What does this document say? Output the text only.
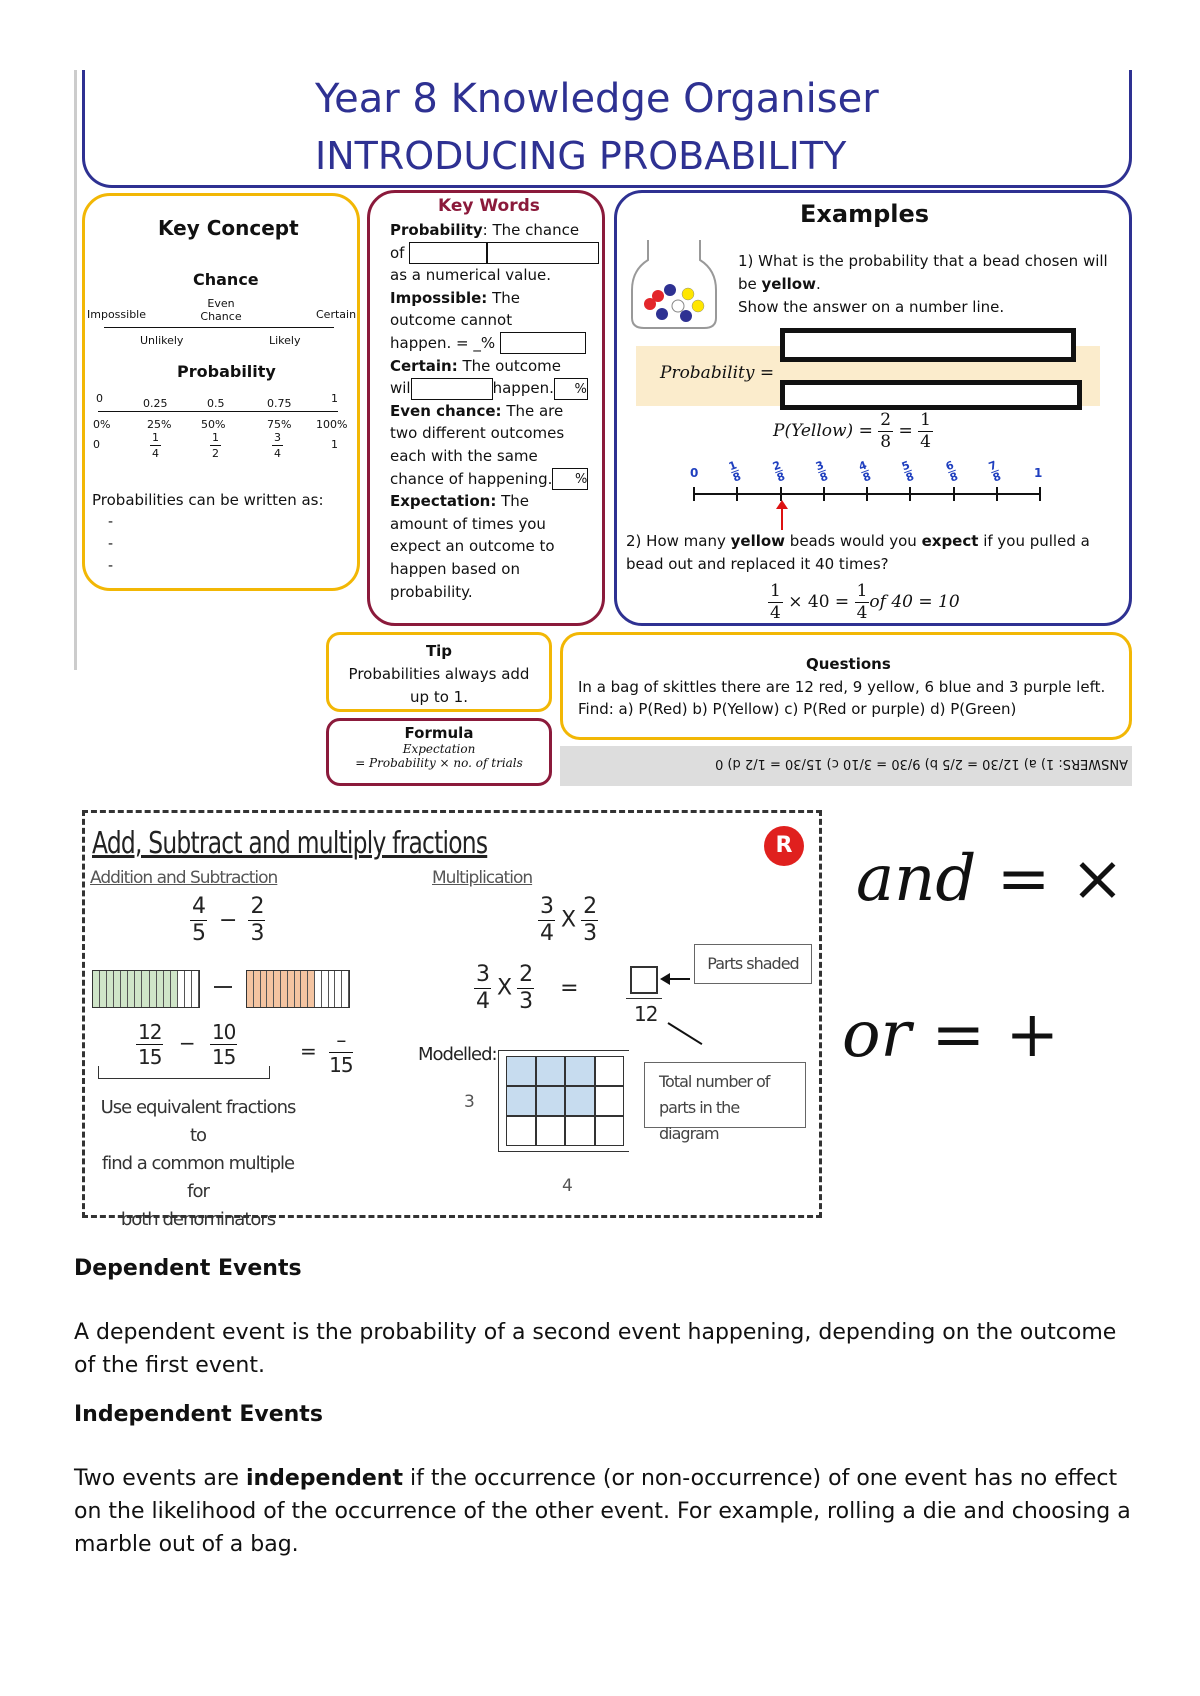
Year 8 Knowledge Organiser
INTRODUCING PROBABILITY
Key Concept
Chance
Impossible
Even Chance	Certain
Unlikely	Likely
Probability
0	0.25	0.5	0.75	1
0%	25%	50%	75% 100%
0	$\frac{1}{4}$	$\frac{1}{2}$	$\frac{3}{4}$	1
Probabilities can be written as:
-
-
-
Key Words
Probability: The chance
of
as a numerical value.
Impossible: The
outcome cannot
happen. = _%
Certain: The outcome
wil	happen. %
Even chance: The are
two different outcomes
each with the same
chance of happening. %
Expectation: The
amount of times you
expect an outcome to
happen based on
probability.
Examples
1) What is the probability that a bead chosen will
be yellow.
Show the answer on a number line.
Probability =
P(Yellow) = $\frac{2}{8} = \frac{1}{4}$
0	1
1
8
2
8
3
8
4
8
5
8
6
8
7
8
2) How many yellow beads would you expect if you pulled a
bead out and replaced it 40 times?
$\frac{1}{4} \times 40 = \frac{1}{4}$ of 40 = 10
Tip
Probabilities always add
up to 1.
Questions
In a bag of skittles there are 12 red, 9 yellow, 6 blue and 3 purple left.
Find: a) P(Red) b) P(Yellow) c) P(Red or purple) d) P(Green)
Formula
Expectation
= Probability × no. of trials	ANSWERS: 1) a) 12/30 = 2/5 b) 9/30 = 3/10 c) 15/30 = 1/2 d) 0
Add, Subtract and multiply fractions	R
Addition and Subtraction	Multiplication
$\frac{4}{5} - \frac{2}{3}$
$\frac{12}{15} - \frac{10}{15}$	= $\frac{-}{15}$
Use equivalent fractions to
find a common multiple for
both denominators
$\frac{3}{4}$ X $\frac{2}{3}$
$\frac{3}{4}$ X $\frac{2}{3}$ =
12
Parts shaded
Total number of
parts in the diagram
Modelled:
3
4
and = ×
or = +
Dependent Events
A dependent event is the probability of a second event happening, depending on the outcome of the first event.
Independent Events
Two events are independent if the occurrence (or non-occurrence) of one event has no effect on the likelihood of the occurrence of the other event. For example, rolling a die and choosing a marble out of a bag.
